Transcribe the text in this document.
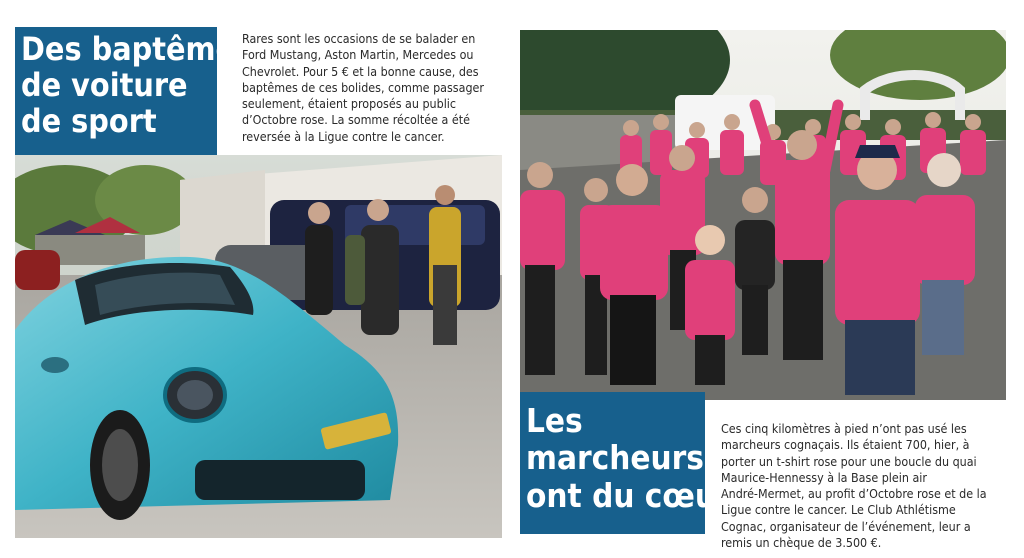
Des baptêmes
de voiture
de sport
Rares sont les occasions de se balader en
Ford Mustang, Aston Martin, Mercedes ou
Chevrolet. Pour 5 € et la bonne cause, des
baptêmes de ces bolides, comme passager
seulement, étaient proposés au public
d’Octobre rose. La somme récoltée a été
reversée à la Ligue contre le cancer.
Les
marcheurs
ont du cœur
Ces cinq kilomètres à pied n’ont pas usé les
marcheurs cognaçais. Ils étaient 700, hier, à
porter un t-shirt rose pour une boucle du quai
Maurice-Hennessy à la Base plein air
André-Mermet, au profit d’Octobre rose et de la
Ligue contre le cancer. Le Club Athlétisme
Cognac, organisateur de l’événement, leur a
remis un chèque de 3.500 €.
